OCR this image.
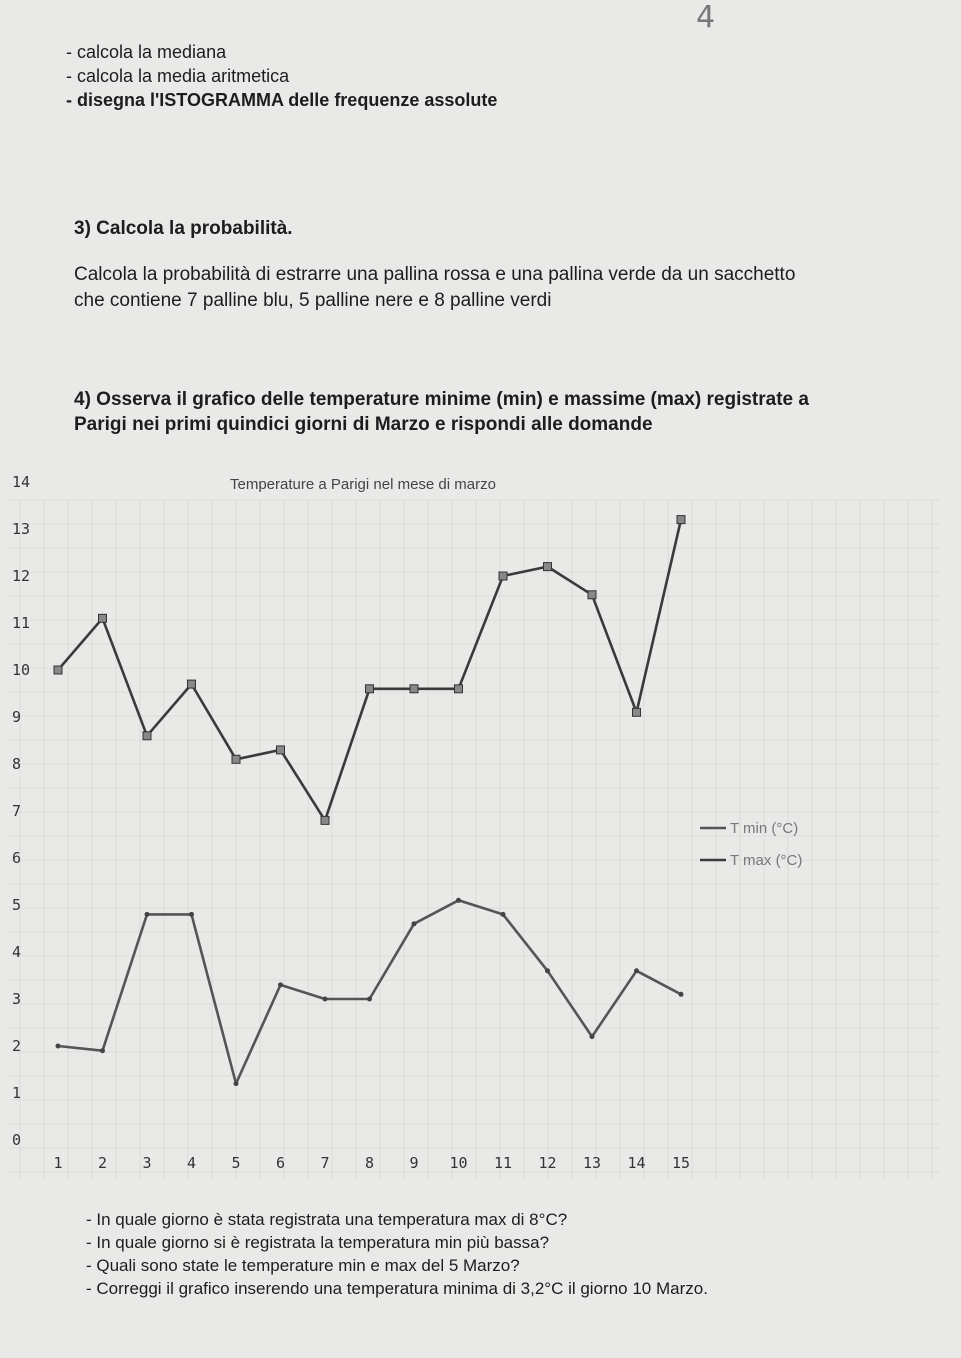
4
- calcola la mediana
- calcola la media aritmetica
- disegna l'ISTOGRAMMA delle frequenze assolute
3) Calcola la probabilità.
Calcola la probabilità di estrarre una pallina rossa e una pallina verde da un sacchetto
che contiene 7 palline blu, 5 palline nere e 8 palline verdi
4) Osserva il grafico delle temperature minime (min) e massime (max) registrate a
Parigi nei primi quindici giorni di Marzo e rispondi alle domande
Temperature a Parigi nel mese di marzo
0
1
2
3
4
5
6
7
8
9
10
11
12
13
14
1 2 3 4 5 6 7 8 9 10 11 12 13 14 15
T min (°C)
T max (°C)
- In quale giorno è stata registrata una temperatura max di 8°C?
- In quale giorno si è registrata la temperatura min più bassa?
- Quali sono state le temperature min e max del 5 Marzo?
- Correggi il grafico inserendo una temperatura minima di 3,2°C il giorno 10 Marzo.
